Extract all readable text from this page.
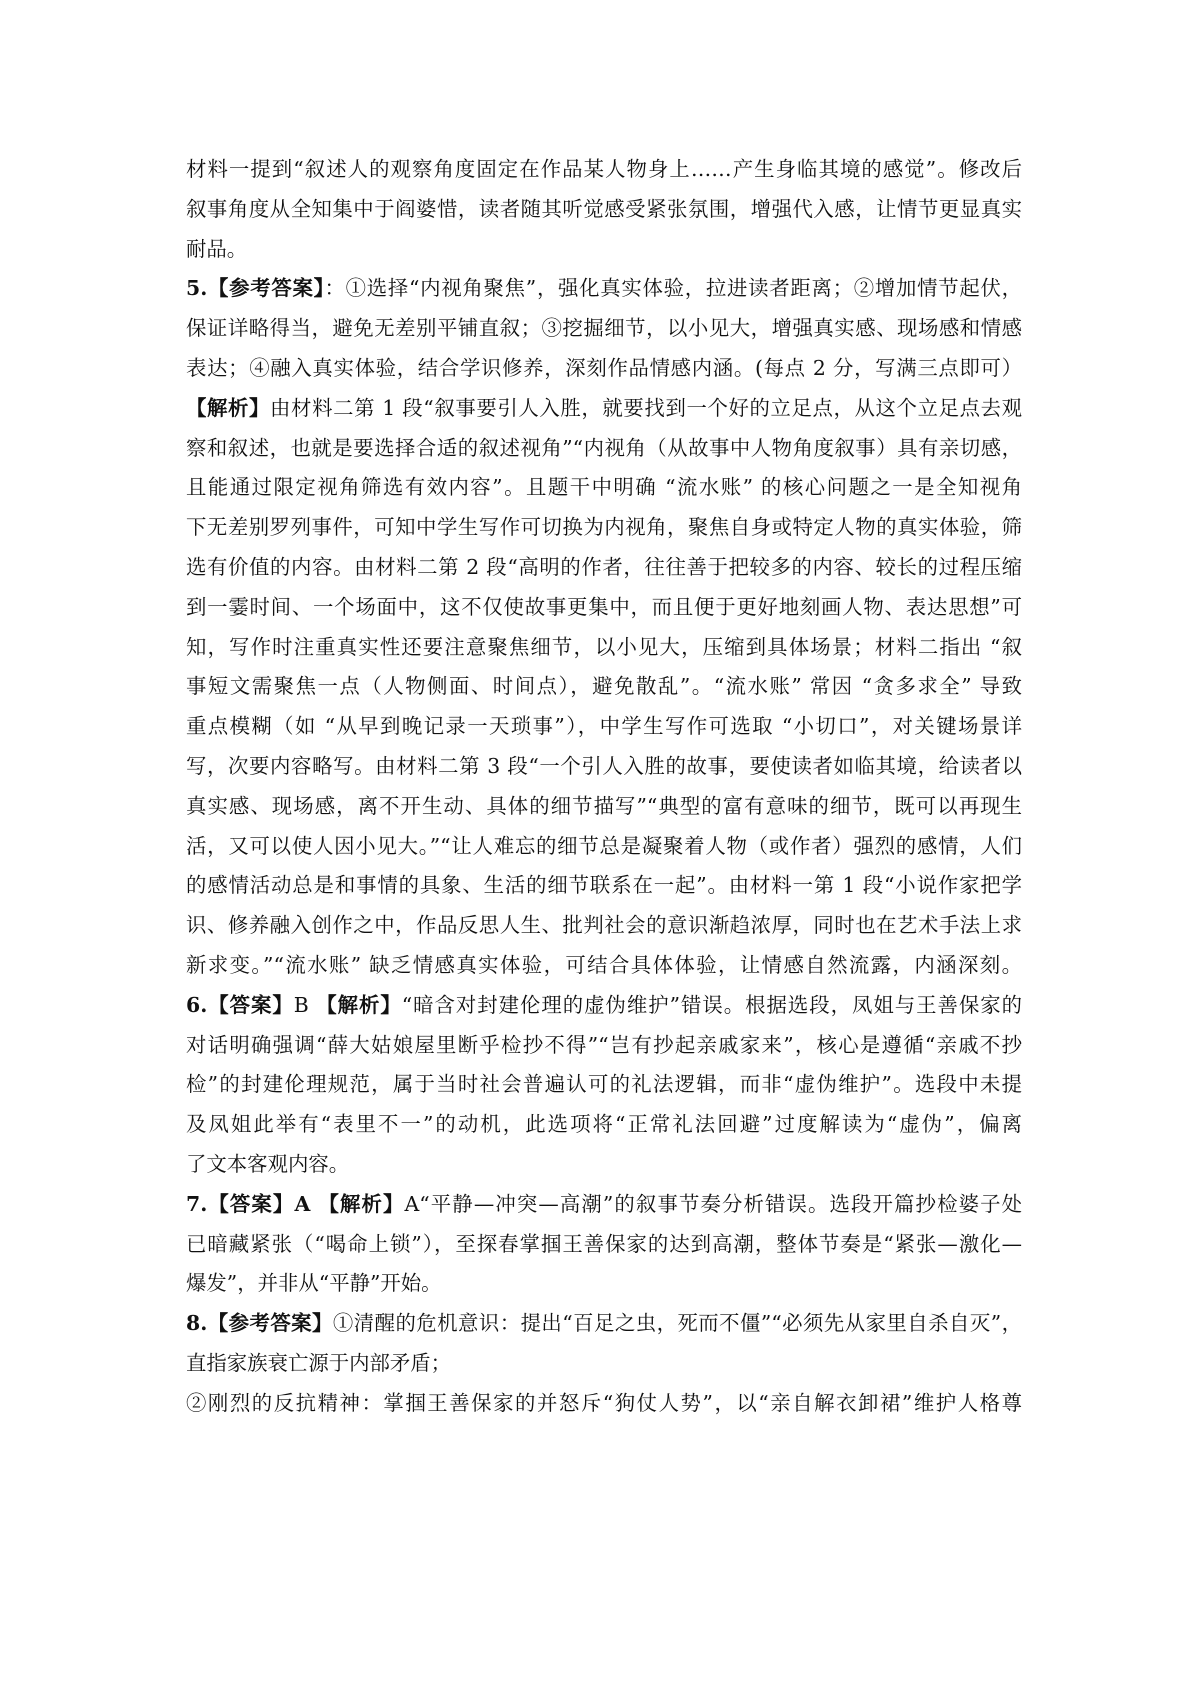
材料一提到“叙述人的观察角度固定在作品某人物身上……产生身临其境的感觉”。修改后
叙事角度从全知集中于阎婆惜，读者随其听觉感受紧张氛围，增强代入感，让情节更显真实
耐品。
5.【参考答案】：①选择“内视角聚焦”，强化真实体验，拉进读者距离；②增加情节起伏，
保证详略得当，避免无差别平铺直叙；③挖掘细节，以小见大，增强真实感、现场感和情感
表达；④融入真实体验，结合学识修养，深刻作品情感内涵。(每点 2 分，写满三点即可）
【解析】由材料二第 1 段“叙事要引人入胜，就要找到一个好的立足点，从这个立足点去观
察和叙述，也就是要选择合适的叙述视角”“内视角（从故事中人物角度叙事）具有亲切感，
且能通过限定视角筛选有效内容”。且题干中明确 “流水账” 的核心问题之一是全知视角
下无差别罗列事件，可知中学生写作可切换为内视角，聚焦自身或特定人物的真实体验，筛
选有价值的内容。由材料二第 2 段“高明的作者，往往善于把较多的内容、较长的过程压缩
到一霎时间、一个场面中，这不仅使故事更集中，而且便于更好地刻画人物、表达思想”可
知，写作时注重真实性还要注意聚焦细节，以小见大，压缩到具体场景；材料二指出 “叙
事短文需聚焦一点（人物侧面、时间点），避免散乱”。“流水账” 常因 “贪多求全” 导致
重点模糊（如 “从早到晚记录一天琐事”），中学生写作可选取 “小切口”，对关键场景详
写，次要内容略写。由材料二第 3 段“一个引人入胜的故事，要使读者如临其境，给读者以
真实感、现场感，离不开生动、具体的细节描写”“典型的富有意味的细节，既可以再现生
活，又可以使人因小见大。”“让人难忘的细节总是凝聚着人物（或作者）强烈的感情，人们
的感情活动总是和事情的具象、生活的细节联系在一起”。由材料一第 1 段“小说作家把学
识、修养融入创作之中，作品反思人生、批判社会的意识渐趋浓厚，同时也在艺术手法上求
新求变。”“流水账” 缺乏情感真实体验，可结合具体体验，让情感自然流露，内涵深刻。
6.【答案】B 【解析】“暗含对封建伦理的虚伪维护”错误。根据选段，凤姐与王善保家的
对话明确强调“薛大姑娘屋里断乎检抄不得”“岂有抄起亲戚家来”，核心是遵循“亲戚不抄
检”的封建伦理规范，属于当时社会普遍认可的礼法逻辑，而非“虚伪维护”。选段中未提
及凤姐此举有“表里不一”的动机，此选项将“正常礼法回避”过度解读为“虚伪”，偏离
了文本客观内容。
7.【答案】A 【解析】A“平静—冲突—高潮”的叙事节奏分析错误。选段开篇抄检婆子处
已暗藏紧张（“喝命上锁”），至探春掌掴王善保家的达到高潮，整体节奏是“紧张—激化—
爆发”，并非从“平静”开始。
8.【参考答案】①清醒的危机意识：提出“百足之虫，死而不僵”“必须先从家里自杀自灭”，
直指家族衰亡源于内部矛盾；
②刚烈的反抗精神：掌掴王善保家的并怒斥“狗仗人势”，以“亲自解衣卸裙”维护人格尊
